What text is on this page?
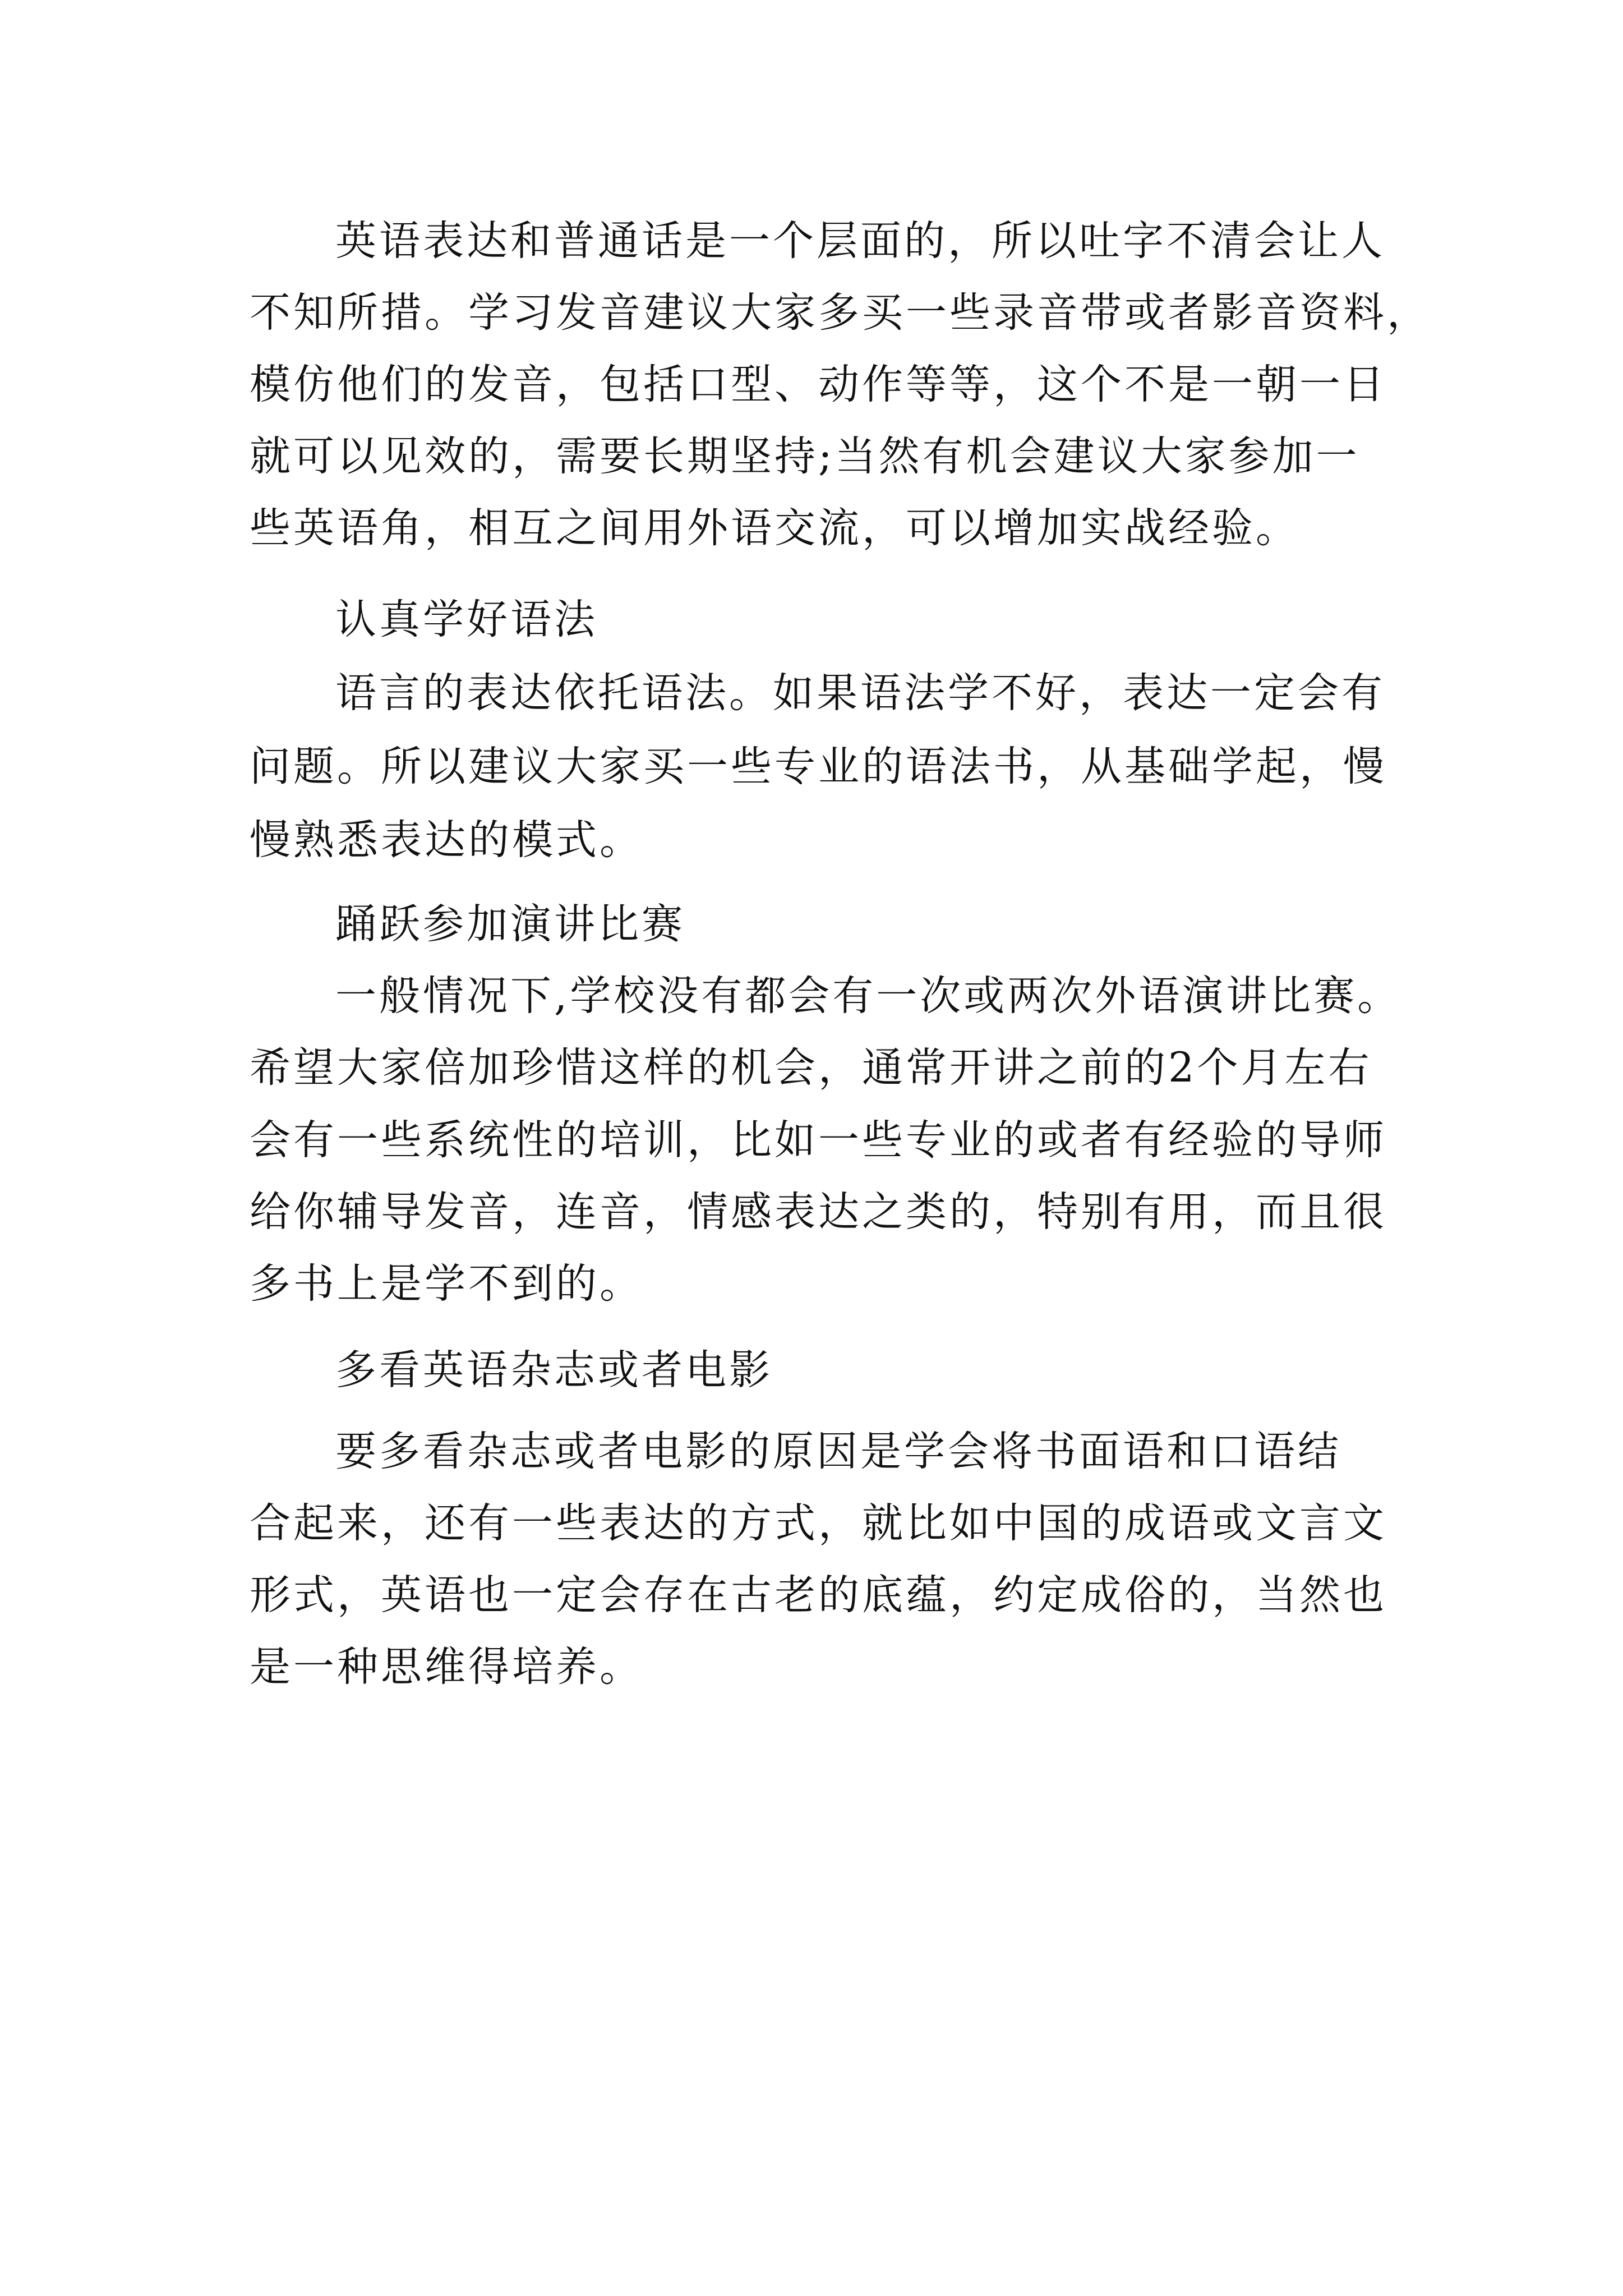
英语表达和普通话是一个层面的，所以吐字不清会让人
不知所措。学习发音建议大家多买一些录音带或者影音资料，
模仿他们的发音，包括口型、动作等等，这个不是一朝一日
就可以见效的，需要长期坚持;当然有机会建议大家参加一
些英语角，相互之间用外语交流，可以增加实战经验。
认真学好语法
语言的表达依托语法。如果语法学不好，表达一定会有
问题。所以建议大家买一些专业的语法书，从基础学起，慢
慢熟悉表达的模式。
踊跃参加演讲比赛
一般情况下,学校没有都会有一次或两次外语演讲比赛。
希望大家倍加珍惜这样的机会，通常开讲之前的2个月左右
会有一些系统性的培训，比如一些专业的或者有经验的导师
给你辅导发音，连音，情感表达之类的，特别有用，而且很
多书上是学不到的。
多看英语杂志或者电影
要多看杂志或者电影的原因是学会将书面语和口语结
合起来，还有一些表达的方式，就比如中国的成语或文言文
形式，英语也一定会存在古老的底蕴，约定成俗的，当然也
是一种思维得培养。
